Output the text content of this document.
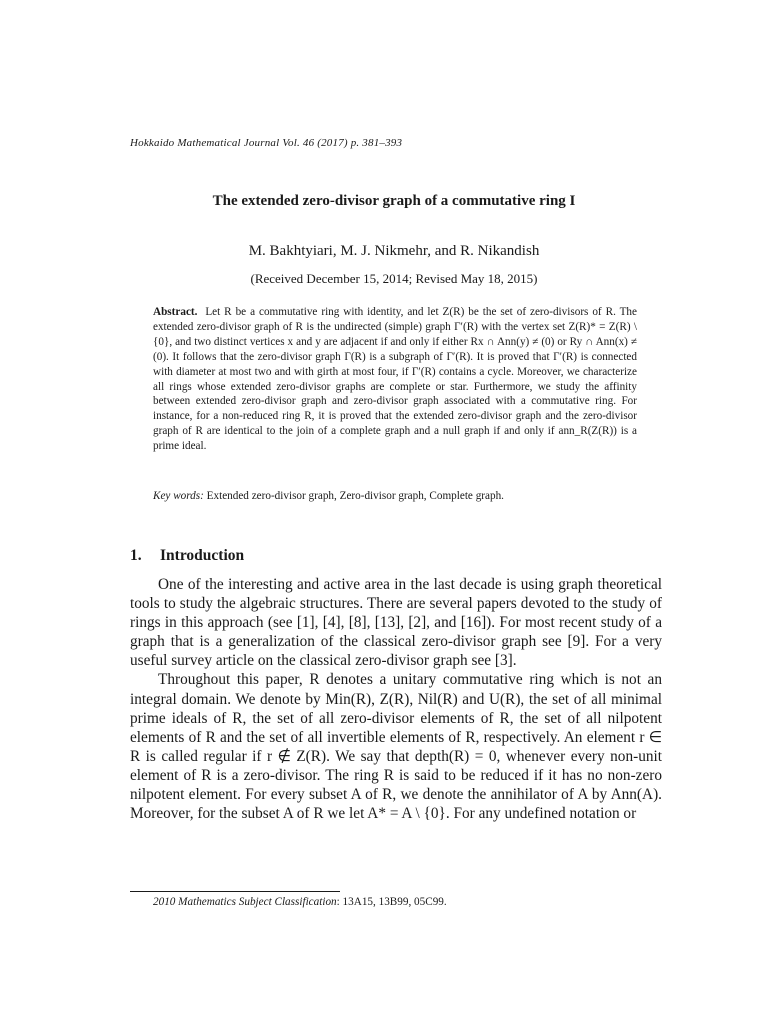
Hokkaido Mathematical Journal Vol. 46 (2017) p. 381–393
The extended zero-divisor graph of a commutative ring I
M. Bakhtyiari, M. J. Nikmehr, and R. Nikandish
(Received December 15, 2014; Revised May 18, 2015)
Abstract. Let R be a commutative ring with identity, and let Z(R) be the set of zero-divisors of R. The extended zero-divisor graph of R is the undirected (simple) graph Γ′(R) with the vertex set Z(R)* = Z(R) \ {0}, and two distinct vertices x and y are adjacent if and only if either Rx ∩ Ann(y) ≠ (0) or Ry ∩ Ann(x) ≠ (0). It follows that the zero-divisor graph Γ(R) is a subgraph of Γ′(R). It is proved that Γ′(R) is connected with diameter at most two and with girth at most four, if Γ′(R) contains a cycle. Moreover, we characterize all rings whose extended zero-divisor graphs are complete or star. Furthermore, we study the affinity between extended zero-divisor graph and zero-divisor graph associated with a commutative ring. For instance, for a non-reduced ring R, it is proved that the extended zero-divisor graph and the zero-divisor graph of R are identical to the join of a complete graph and a null graph if and only if ann_R(Z(R)) is a prime ideal.
Key words: Extended zero-divisor graph, Zero-divisor graph, Complete graph.
1. Introduction

One of the interesting and active area in the last decade is using graph theoretical tools to study the algebraic structures. There are several papers devoted to the study of rings in this approach (see [1], [4], [8], [13], [2], and [16]). For most recent study of a graph that is a generalization of the classical zero-divisor graph see [9]. For a very useful survey article on the classical zero-divisor graph see [3].

Throughout this paper, R denotes a unitary commutative ring which is not an integral domain. We denote by Min(R), Z(R), Nil(R) and U(R), the set of all minimal prime ideals of R, the set of all zero-divisor elements of R, the set of all nilpotent elements of R and the set of all invertible elements of R, respectively. An element r ∈ R is called regular if r ∉ Z(R). We say that depth(R) = 0, whenever every non-unit element of R is a zero-divisor. The ring R is said to be reduced if it has no non-zero nilpotent element. For every subset A of R, we denote the annihilator of A by Ann(A). Moreover, for the subset A of R we let A* = A \ {0}. For any undefined notation or

2010 Mathematics Subject Classification: 13A15, 13B99, 05C99.
